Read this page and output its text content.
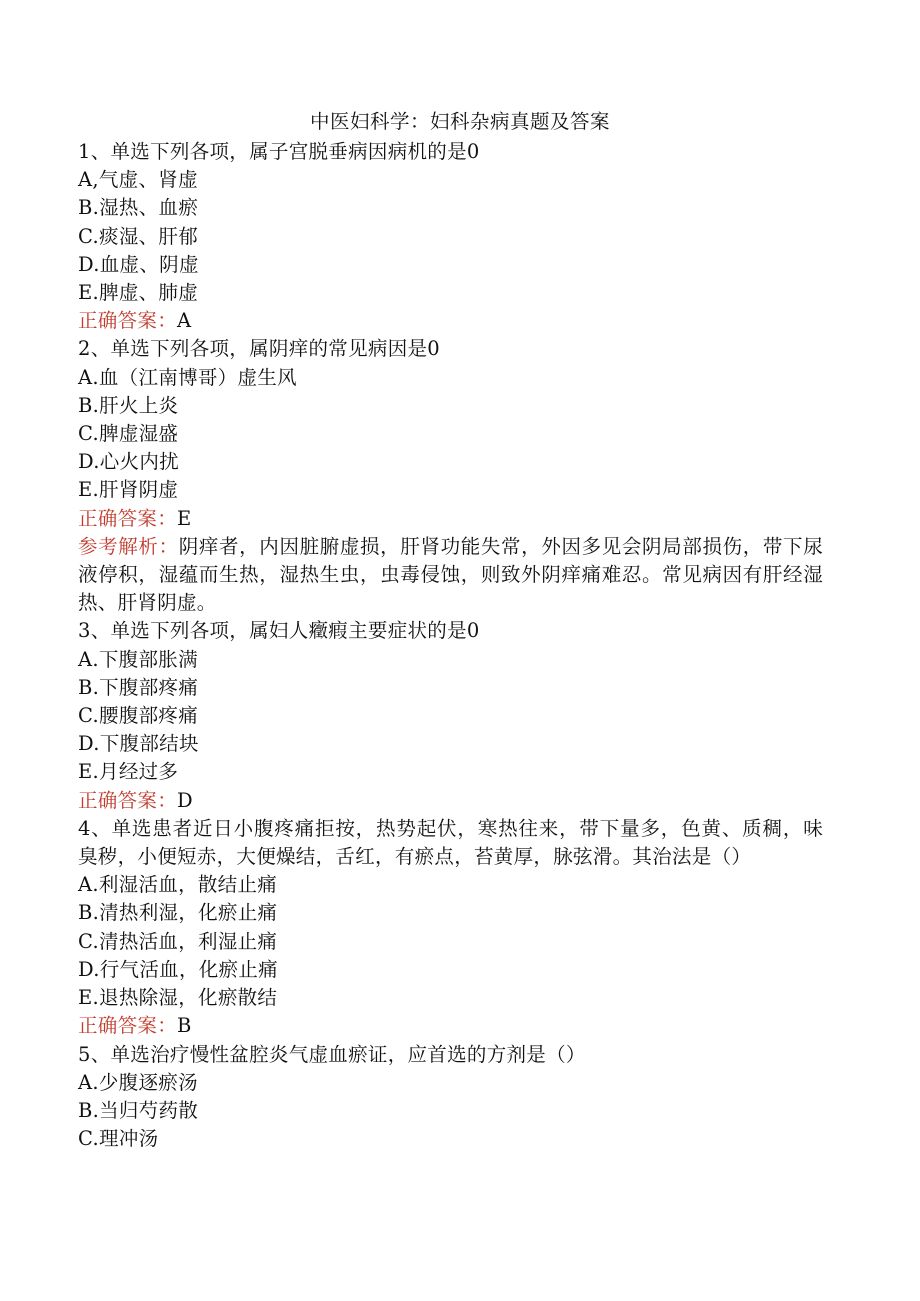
中医妇科学：妇科杂病真题及答案
1、单选下列各项，属子宫脱垂病因病机的是0
A,气虚、肾虚
B.湿热、血瘀
C.痰湿、肝郁
D.血虚、阴虚
E.脾虚、肺虚
正确答案：A
2、单选下列各项，属阴痒的常见病因是0
A.血（江南博哥）虚生风
B.肝火上炎
C.脾虚湿盛
D.心火内扰
E.肝肾阴虚
正确答案：E
参考解析：阴痒者，内因脏腑虚损，肝肾功能失常，外因多见会阴局部损伤，带下尿液停积，湿蕴而生热，湿热生虫，虫毒侵蚀，则致外阴痒痛难忍。常见病因有肝经湿热、肝肾阴虚。
3、单选下列各项，属妇人癥瘕主要症状的是0
A.下腹部胀满
B.下腹部疼痛
C.腰腹部疼痛
D.下腹部结块
E.月经过多
正确答案：D
4、单选患者近日小腹疼痛拒按，热势起伏，寒热往来，带下量多，色黄、质稠，味臭秽，小便短赤，大便燥结，舌红，有瘀点，苔黄厚，脉弦滑。其治法是（）
A.利湿活血，散结止痛
B.清热利湿，化瘀止痛
C.清热活血，利湿止痛
D.行气活血，化瘀止痛
E.退热除湿，化瘀散结
正确答案：B
5、单选治疗慢性盆腔炎气虚血瘀证，应首选的方剂是（）
A.少腹逐瘀汤
B.当归芍药散
C.理冲汤
